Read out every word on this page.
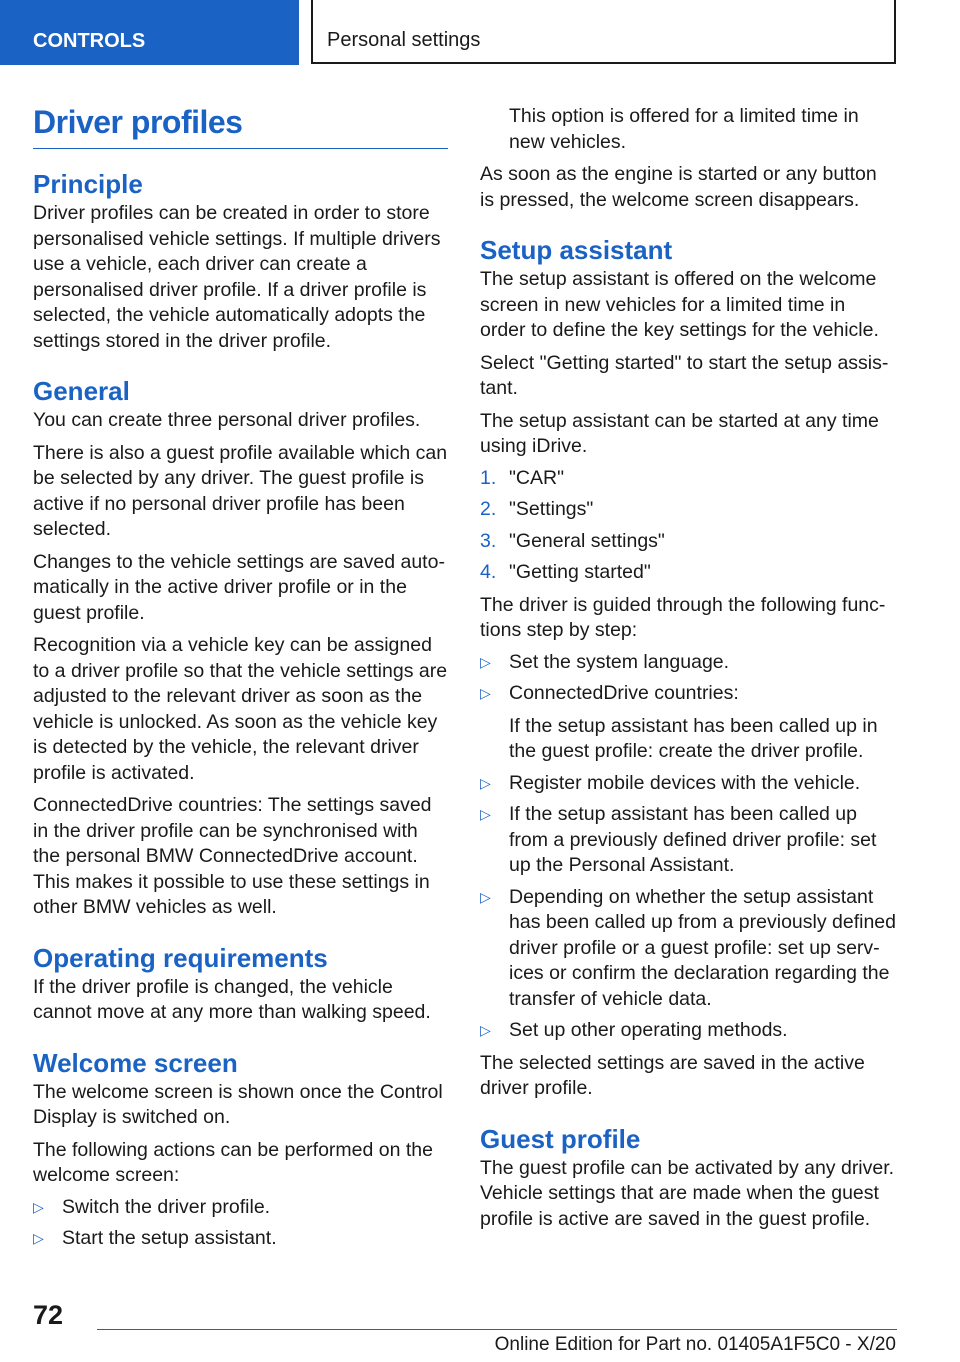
CONTROLS	Personal settings
Driver profiles
Principle

Driver profiles can be created in order to store personalised vehicle settings. If multiple drivers use a vehicle, each driver can create a personalised driver profile. If a driver profile is selected, the vehicle automatically adopts the settings stored in the driver profile.

General

You can create three personal driver profiles.

There is also a guest profile available which can be selected by any driver. The guest profile is active if no personal driver profile has been selected.

Changes to the vehicle settings are saved automatically in the active driver profile or in the guest profile.

Recognition via a vehicle key can be assigned to a driver profile so that the vehicle settings are adjusted to the relevant driver as soon as the vehicle is unlocked. As soon as the vehicle key is detected by the vehicle, the relevant driver profile is activated.

ConnectedDrive countries: The settings saved in the driver profile can be synchronised with the personal BMW ConnectedDrive account. This makes it possible to use these settings in other BMW vehicles as well.

Operating requirements

If the driver profile is changed, the vehicle cannot move at any more than walking speed.

Welcome screen

The welcome screen is shown once the Control Display is switched on.

The following actions can be performed on the welcome screen:

▷ Switch the driver profile.
▷ Start the setup assistant.

This option is offered for a limited time in new vehicles.

As soon as the engine is started or any button is pressed, the welcome screen disappears.

Setup assistant

The setup assistant is offered on the welcome screen in new vehicles for a limited time in order to define the key settings for the vehicle.

Select "Getting started" to start the setup assistant.

The setup assistant can be started at any time using iDrive.

1. "CAR"
2. "Settings"
3. "General settings"
4. "Getting started"

The driver is guided through the following functions step by step:

▷ Set the system language.
▷ ConnectedDrive countries:
If the setup assistant has been called up in the guest profile: create the driver profile.
▷ Register mobile devices with the vehicle.
▷ If the setup assistant has been called up from a previously defined driver profile: set up the Personal Assistant.
▷ Depending on whether the setup assistant has been called up from a previously defined driver profile or a guest profile: set up services or confirm the declaration regarding the transfer of vehicle data.
▷ Set up other operating methods.

The selected settings are saved in the active driver profile.

Guest profile

The guest profile can be activated by any driver. Vehicle settings that are made when the guest profile is active are saved in the guest profile.

72
Online Edition for Part no. 01405A1F5C0 - X/20
